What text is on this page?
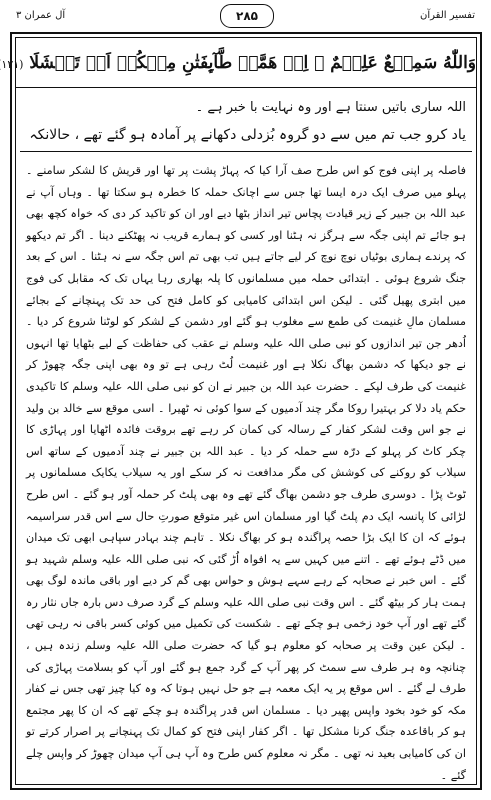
آل عمران ۳	۲۸۵	تفسیر القرآن
وَاللّٰهُ سَمِيۡعٌ عَلِيۡمٌ ۚ اِذۡ هَمَّتۡ طَّآٮِٕفَتٰنِ مِنۡكُمۡ اَنۡ تَفۡشَلَا (۱۲۱
اللہ ساری باتیں سنتا ہے اور وہ نہایت با خبر ہے ۔
یاد کرو جب تم میں سے دو گروہ بُزدلی دکھانے پر آمادہ ہو گئے تھے ، حالانکہ
فاصلہ پر اپنی فوج کو اس طرح صف آرا کیا کہ پہاڑ پشت پر تھا اور قریش کا لشکر سامنے ۔ پہلو میں صرف ایک درہ ایسا تھا جس سے اچانک حملہ کا خطرہ ہو سکتا تھا ۔ وہاں آپ نے عبد اللہ بن جبیر کے زیر قیادت پچاس تیر انداز بٹھا دیے اور ان کو تاکید کر دی کہ خواہ کچھ بھی ہو جائے تم اپنی جگہ سے ہرگز نہ ہٹنا اور کسی کو ہمارے قریب نہ پھٹکنے دینا ۔ اگر تم دیکھو کہ پرندے ہماری بوٹیاں نوچ نوچ کر لیے جاتے ہیں تب بھی تم اس جگہ سے نہ ہٹنا ۔ اس کے بعد جنگ شروع ہوئی ۔ ابتدائی حملہ میں مسلمانوں کا پلہ بھاری رہا یہاں تک کہ مقابل کی فوج میں ابتری پھیل گئی ۔ لیکن اس ابتدائی کامیابی کو کامل فتح کی حد تک پہنچانے کے بجائے مسلمان مالِ غنیمت کی طمع سے مغلوب ہو گئے اور دشمن کے لشکر کو لوٹنا شروع کر دیا ۔ اُدھر جن تیر اندازوں کو نبی صلی اللہ علیہ وسلم نے عقب کی حفاظت کے لیے بٹھایا تھا انہوں نے جو دیکھا کہ دشمن بھاگ نکلا ہے اور غنیمت لُٹ رہی ہے تو وہ بھی اپنی جگہ چھوڑ کر غنیمت کی طرف لپکے ۔ حضرت عبد اللہ بن جبیر نے ان کو نبی صلی اللہ علیہ وسلم کا تاکیدی حکم یاد دلا کر بہتیرا روکا مگر چند آدمیوں کے سوا کوئی نہ ٹھیرا ۔ اسی موقع سے خالد بن ولید نے جو اس وقت لشکر کفار کے رسالہ کی کمان کر رہے تھے بروقت فائدہ اٹھایا اور پہاڑی کا چکر کاٹ کر پہلو کے درّہ سے حملہ کر دیا ۔ عبد اللہ بن جبیر نے چند آدمیوں کے ساتھ اس سیلاب کو روکنے کی کوشش کی مگر مدافعت نہ کر سکے اور یہ سیلاب یکایک مسلمانوں پر ٹوٹ پڑا ۔ دوسری طرف جو دشمن بھاگ گئے تھے وہ بھی پلٹ کر حملہ آور ہو گئے ۔ اس طرح لڑائی کا پانسہ ایک دم پلٹ گیا اور مسلمان اس غیر متوقع صورتِ حال سے اس قدر سراسیمہ ہوئے کہ ان کا ایک بڑا حصہ پراگندہ ہو کر بھاگ نکلا ۔ تاہم چند بہادر سپاہی ابھی تک میدان میں ڈٹے ہوئے تھے ۔ اتنے میں کہیں سے یہ افواہ اُڑ گئی کہ نبی صلی اللہ علیہ وسلم شہید ہو گئے ۔ اس خبر نے صحابہ کے رہے سہے ہوش و حواس بھی گم کر دیے اور باقی ماندہ لوگ بھی ہمت ہار کر بیٹھ گئے ۔ اس وقت نبی صلی اللہ علیہ وسلم کے گرد صرف دس بارہ جاں نثار رہ گئے تھے اور آپ خود زخمی ہو چکے تھے ۔ شکست کی تکمیل میں کوئی کسر باقی نہ رہی تھی ۔ لیکن عین وقت پر صحابہ کو معلوم ہو گیا کہ حضرت صلی اللہ علیہ وسلم زندہ ہیں ، چنانچہ وہ ہر طرف سے سمٹ کر پھر آپ کے گرد جمع ہو گئے اور آپ کو بسلامت پہاڑی کی طرف لے گئے ۔ اس موقع پر یہ ایک معمہ ہے جو حل نہیں ہوتا کہ وہ کیا چیز تھی جس نے کفار مکہ کو خود بخود واپس پھیر دیا ۔ مسلمان اس قدر پراگندہ ہو چکے تھے کہ ان کا پھر مجتمع ہو کر باقاعدہ جنگ کرنا مشکل تھا ۔ اگر کفار اپنی فتح کو کمال تک پہنچانے پر اصرار کرتے تو ان کی کامیابی بعید نہ تھی ۔ مگر نہ معلوم کس طرح وہ آپ ہی آپ میدان چھوڑ کر واپس چلے گئے ۔
